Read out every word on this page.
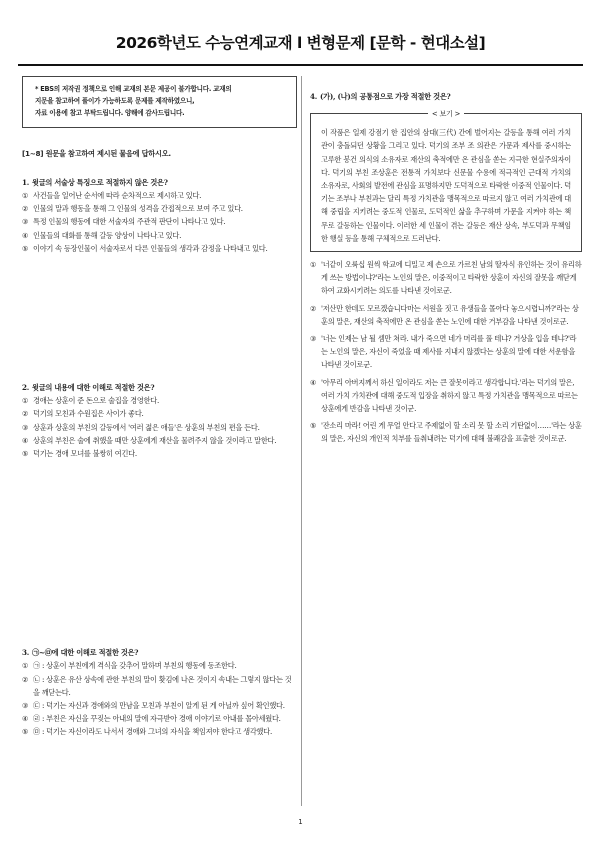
2026학년도 수능연계교재 l 변형문제 [문학 - 현대소설]
* EBS의 저작권 정책으로 인해 교재의 본문 제공이 불가합니다. 교재의
지문을 참고하여 풀이가 가능하도록 문제를 제작하였으니,
자료 이용에 참고 부탁드립니다. 양해에 감사드립니다.
[1~8] 원문을 참고하여 제시된 물음에 답하시오.
1. 윗글의 서술상 특징으로 적절하지 않은 것은?
① 사건들을 일어난 순서에 따라 순차적으로 제시하고 있다.
② 인물의 말과 행동을 통해 그 인물의 성격을 간접적으로 보여 주고 있다.
③ 특정 인물의 행동에 대한 서술자의 주관적 판단이 나타나고 있다.
④ 인물들의 대화를 통해 갈등 양상이 나타나고 있다.
⑤ 이야기 속 등장인물이 서술자로서 다른 인물들의 생각과 감정을 나타내고 있다.
2. 윗글의 내용에 대한 이해로 적절한 것은?
① 경애는 상훈이 준 돈으로 술집을 경영한다.
② 덕기의 모친과 수원집은 사이가 좋다.
③ 상훈과 상훈의 부친의 갈등에서 '여러 젊은 애들'은 상훈의 부친의 편을 든다.
④ 상훈의 부친은 술에 취했을 때만 상훈에게 재산을 물려주지 않을 것이라고 말한다.
⑤ 덕기는 경애 모녀를 불쌍히 여긴다.
3. ㉠~㉤에 대한 이해로 적절한 것은?
① ㉠ : 상훈이 부친에게 격식을 갖추어 말하며 부친의 행동에 동조한다.
② ㉡ : 상훈은 유산 상속에 관한 부친의 말이 홧김에 나온 것이지 속내는 그렇지 않다는 것을 깨닫는다.
③ ㉢ : 덕기는 자신과 경애와의 만남을 모친과 부친이 알게 된 게 아닐까 싶어 확인했다.
④ ㉣ : 부친은 자신을 꾸짖는 아내의 말에 자극받아 경애 이야기로 아내를 몰아세웠다.
⑤ ㉤ : 덕기는 자신이라도 나서서 경애와 그녀의 자식을 책임져야 한다고 생각했다.
4. (가), (나)의 공통점으로 가장 적절한 것은?
< 보기 >
이 작품은 일제 강점기 한 집안의 삼대(三代) 간에 벌어지는 갈등을 통해 여러 가치관이 충돌되던 상황을 그리고 있다. 덕기의 조부 조 의관은 가문과 제사를 중시하는 고루한 봉건 의식의 소유자로 재산의 축적에만 온 관심을 쏟는 지극한 현실주의자이다. 덕기의 부친 조상훈은 전통적 가치보다 신문물 수용에 적극적인 근대적 가치의 소유자로, 사회의 발전에 관심을 표명하지만 도덕적으로 타락한 이중적 인물이다. 덕기는 조부나 부친과는 달리 특정 가치관을 맹목적으로 따르지 않고 여러 가치관에 대해 중립을 지키려는 중도적 인물로, 도덕적인 삶을 추구하며 가문을 지켜야 하는 책무로 갈등하는 인물이다. 이러한 세 인물이 겪는 갈등은 재산 상속, 부도덕과 무책임한 행실 등을 통해 구체적으로 드러난다.
① '너같이 오륙십 원씩 학교에 디밀고 제 손으로 가르친 남의 딸자식 유인하는 것이 유리하게 쓰는 방법이냐?'라는 노인의 말은, 이중적이고 타락한 상훈이 자신의 잘못을 깨닫게 하여 교화시키려는 의도를 나타낸 것이로군.
② '저산만 한데도 모르겠습니다마는 서원을 짓고 유생들을 몰아다 놓으시렵니까?'라는 상훈의 말은, 재산의 축적에만 온 관심을 쏟는 노인에 대한 거부감을 나타낸 것이로군.
③ '너는 인제는 남 될 셈만 쳐라. 내가 죽으면 네가 머리를 풀 테냐? 거상을 입을 테냐?'라는 노인의 말은, 자신이 죽었을 때 제사를 지내지 않겠다는 상훈의 말에 대한 서운함을 나타낸 것이로군.
④ '아무리 아버지께서 하신 일이라도 저는 큰 잘못이라고 생각합니다.'라는 덕기의 말은, 여러 가치 가치관에 대해 중도적 입장을 취하지 않고 특정 가치관을 맹목적으로 따르는 상훈에게 반감을 나타낸 것이군.
⑤ '잔소리 마라! 어린 게 무얼 안다고 주제없이 할 소리 못 할 소리 기탄없이……'라는 상훈의 말은, 자신의 개인적 치부를 들춰내려는 덕기에 대해 불쾌감을 표출한 것이로군.
1
